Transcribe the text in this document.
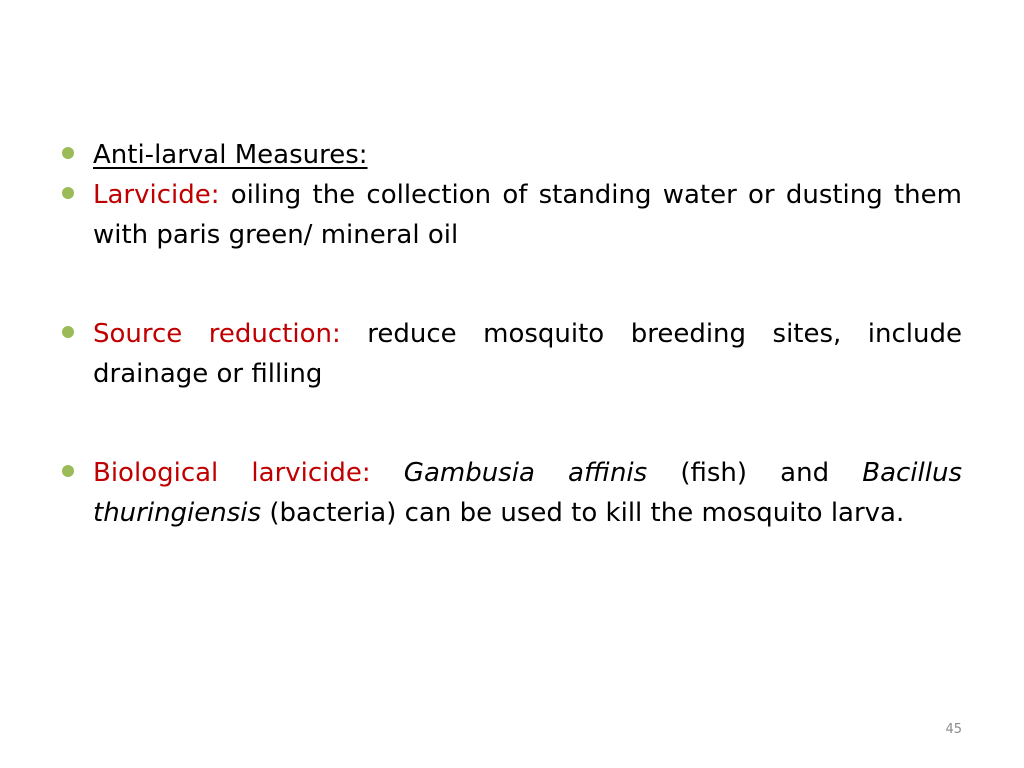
Anti-larval Measures:
Larvicide: oiling the collection of standing water or dusting them with paris green/ mineral oil
Source reduction: reduce mosquito breeding sites, include drainage or filling
Biological larvicide: Gambusia affinis (fish) and Bacillus thuringiensis (bacteria) can be used to kill the mosquito larva.
45
